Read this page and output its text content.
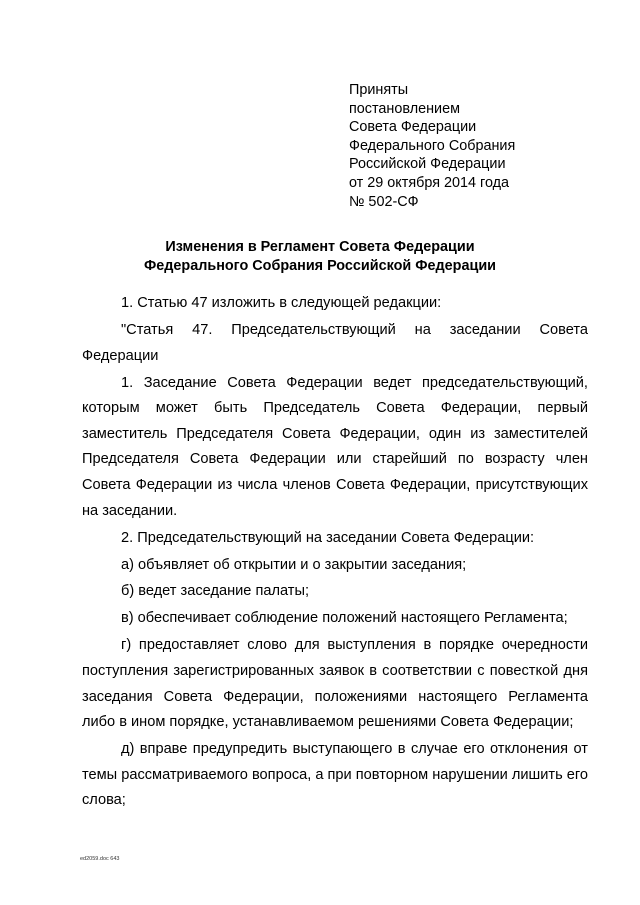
Приняты
постановлением
Совета Федерации
Федерального Собрания
Российской Федерации
от 29 октября 2014 года
№ 502-СФ
Изменения в Регламент Совета Федерации
Федерального Собрания Российской Федерации

1. Статью 47 изложить в следующей редакции:

"Статья 47. Председательствующий на заседании Совета Федерации

1. Заседание Совета Федерации ведет председательствующий, которым может быть Председатель Совета Федерации, первый заместитель Председателя Совета Федерации, один из заместителей Председателя Совета Федерации или старейший по возрасту член Совета Федерации из числа членов Совета Федерации, присутствующих на заседании.

2. Председательствующий на заседании Совета Федерации:

а) объявляет об открытии и о закрытии заседания;

б) ведет заседание палаты;

в) обеспечивает соблюдение положений настоящего Регламента;

г) предоставляет слово для выступления в порядке очередности поступления зарегистрированных заявок в соответствии с повесткой дня заседания Совета Федерации, положениями настоящего Регламента либо в ином порядке, устанавливаемом решениями Совета Федерации;

д) вправе предупредить выступающего в случае его отклонения от темы рассматриваемого вопроса, а при повторном нарушении лишить его слова;

ed2059.doc 643
